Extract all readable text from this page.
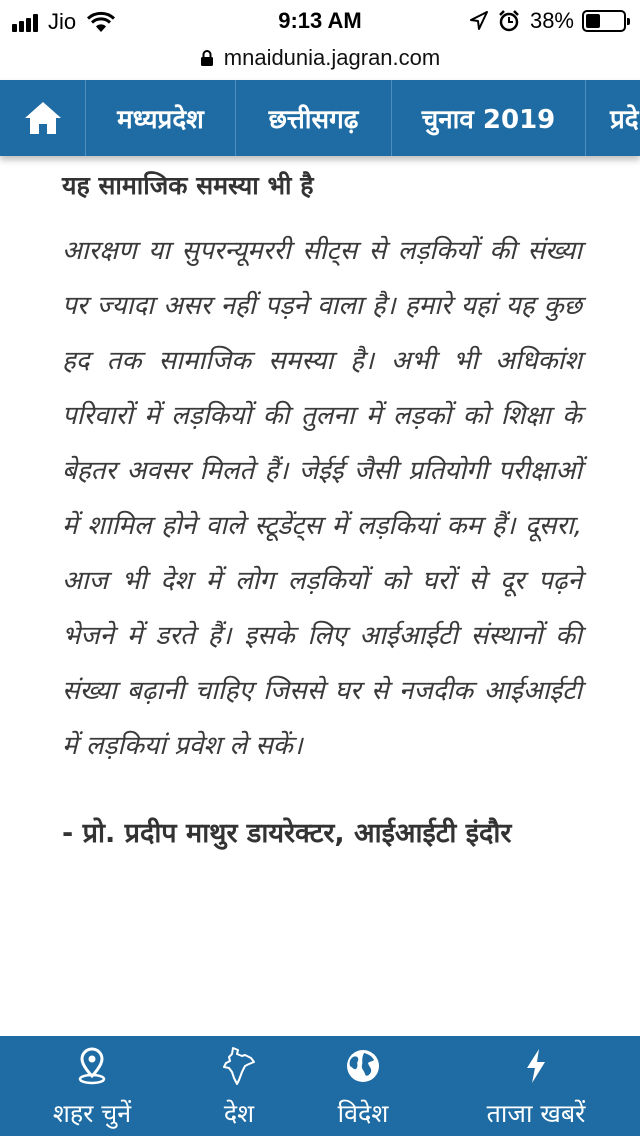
Jio	9:13 AM	38%
mnaidunia.jagran.com
मध्यप्रदेश	छत्तीसगढ़	चुनाव 2019	प्रदे
यह सामाजिक समस्या भी है

आरक्षण या सुपरन्यूमररी सीट्स से लड़कियों की संख्या पर ज्यादा असर नहीं पड़ने वाला है। हमारे यहां यह कुछ हद तक सामाजिक समस्या है। अभी भी अधिकांश परिवारों में लड़कियों की तुलना में लड़कों को शिक्षा के बेहतर अवसर मिलते हैं। जेईई जैसी प्रतियोगी परीक्षाओं में शामिल होने वाले स्टूडेंट्स में लड़कियां कम हैं। दूसरा, आज भी देश में लोग लड़कियों को घरों से दूर पढ़ने भेजने में डरते हैं। इसके लिए आईआईटी संस्थानों की संख्या बढ़ानी चाहिए जिससे घर से नजदीक आईआईटी में लड़कियां प्रवेश ले सकें।

- प्रो. प्रदीप माथुर डायरेक्टर, आईआईटी इंदौर

शहर चुनें	देश	विदेश	ताजा खबरें
